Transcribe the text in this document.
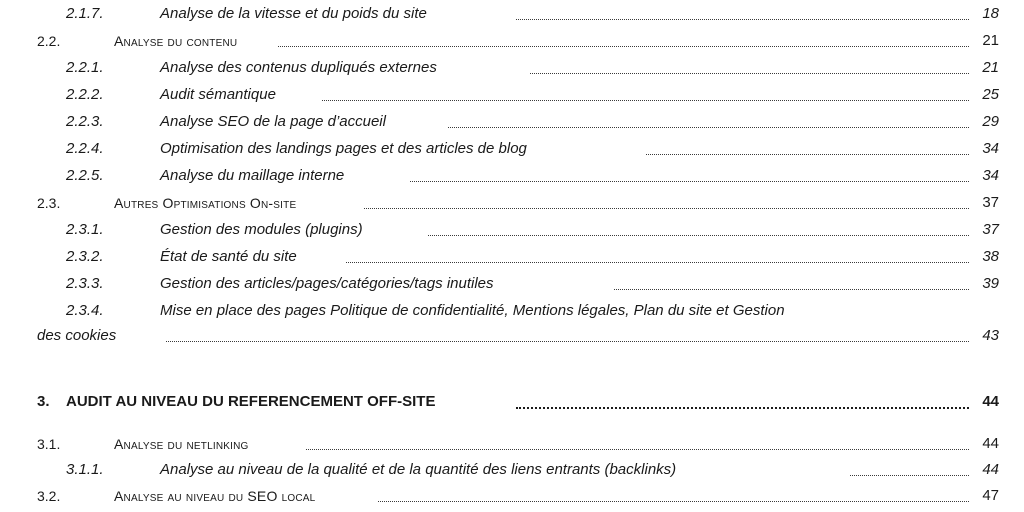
2.1.7.	Analyse de la vitesse et du poids du site	18
2.2.	Analyse du contenu	21
2.2.1.	Analyse des contenus dupliqués externes	21
2.2.2.	Audit sémantique	25
2.2.3.	Analyse SEO de la page d’accueil	29
2.2.4.	Optimisation des landings pages et des articles de blog	34
2.2.5.	Analyse du maillage interne	34
2.3.	Autres Optimisations On-site	37
2.3.1.	Gestion des modules (plugins)	37
2.3.2.	État de santé du site	38
2.3.3.	Gestion des articles/pages/catégories/tags inutiles	39
2.3.4.	Mise en place des pages Politique de confidentialité, Mentions légales, Plan du site et Gestion
des cookies	43
3. AUDIT AU NIVEAU DU REFERENCEMENT OFF-SITE	44
3.1.	Analyse du netlinking	44
3.1.1.	Analyse au niveau de la qualité et de la quantité des liens entrants (backlinks)	44
3.2.	Analyse au niveau du SEO local	47
